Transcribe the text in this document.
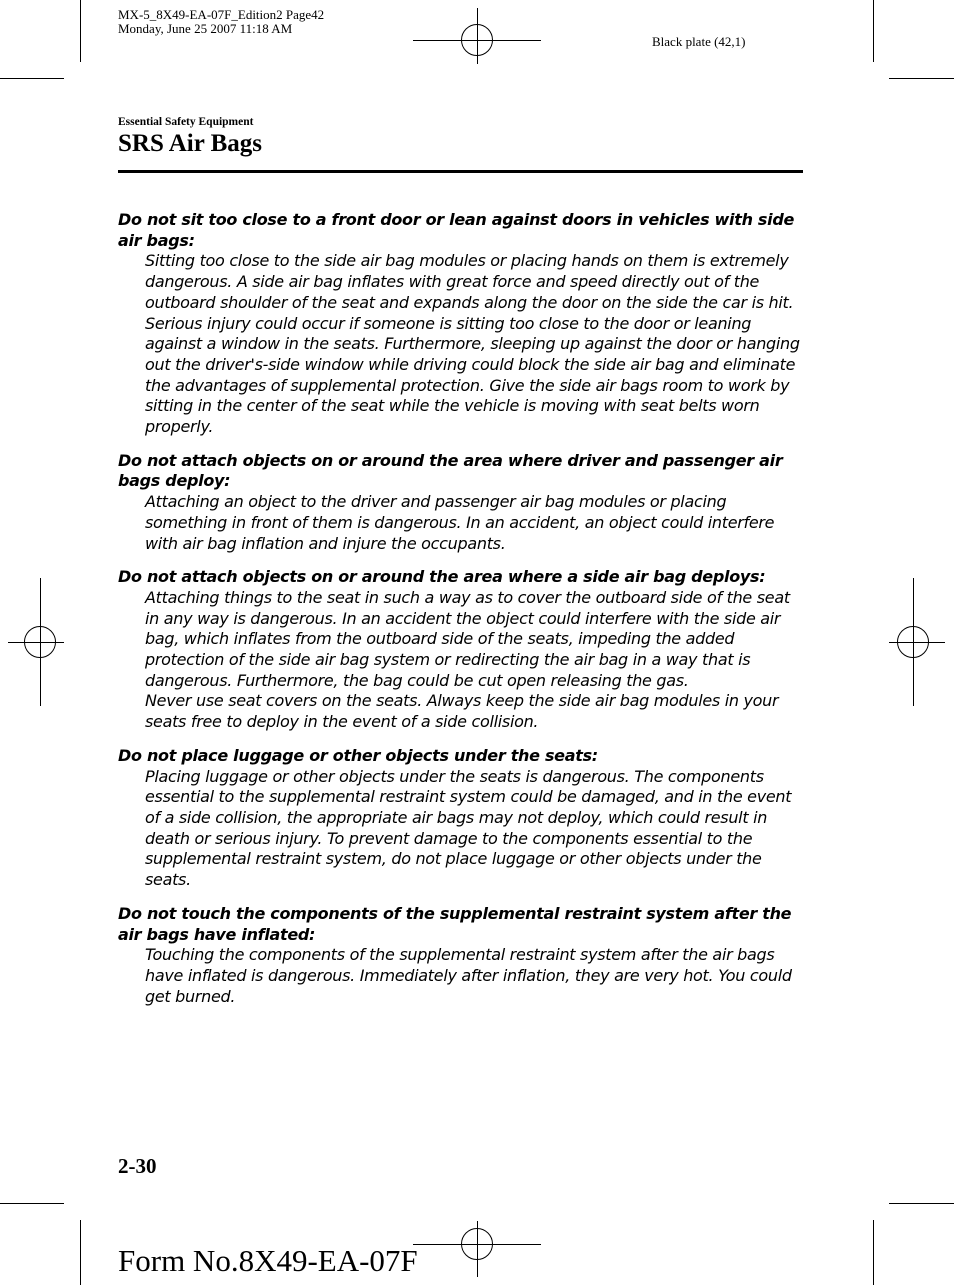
MX-5_8X49-EA-07F_Edition2 Page42
Monday, June 25 2007 11:18 AM
Black plate (42,1)
Essential Safety Equipment
SRS Air Bags

Do not sit too close to a front door or lean against doors in vehicles with side air bags:

Sitting too close to the side air bag modules or placing hands on them is extremely dangerous. A side air bag inflates with great force and speed directly out of the outboard shoulder of the seat and expands along the door on the side the car is hit. Serious injury could occur if someone is sitting too close to the door or leaning against a window in the seats. Furthermore, sleeping up against the door or hanging out the driver's-side window while driving could block the side air bag and eliminate the advantages of supplemental protection. Give the side air bags room to work by sitting in the center of the seat while the vehicle is moving with seat belts worn properly.

Do not attach objects on or around the area where driver and passenger air bags deploy:

Attaching an object to the driver and passenger air bag modules or placing something in front of them is dangerous. In an accident, an object could interfere with air bag inflation and injure the occupants.

Do not attach objects on or around the area where a side air bag deploys:

Attaching things to the seat in such a way as to cover the outboard side of the seat in any way is dangerous. In an accident the object could interfere with the side air bag, which inflates from the outboard side of the seats, impeding the added protection of the side air bag system or redirecting the air bag in a way that is dangerous. Furthermore, the bag could be cut open releasing the gas.

Never use seat covers on the seats. Always keep the side air bag modules in your seats free to deploy in the event of a side collision.

Do not place luggage or other objects under the seats:

Placing luggage or other objects under the seats is dangerous. The components essential to the supplemental restraint system could be damaged, and in the event of a side collision, the appropriate air bags may not deploy, which could result in death or serious injury. To prevent damage to the components essential to the supplemental restraint system, do not place luggage or other objects under the seats.

Do not touch the components of the supplemental restraint system after the air bags have inflated:

Touching the components of the supplemental restraint system after the air bags have inflated is dangerous. Immediately after inflation, they are very hot. You could get burned.

2-30
Form No.8X49-EA-07F
